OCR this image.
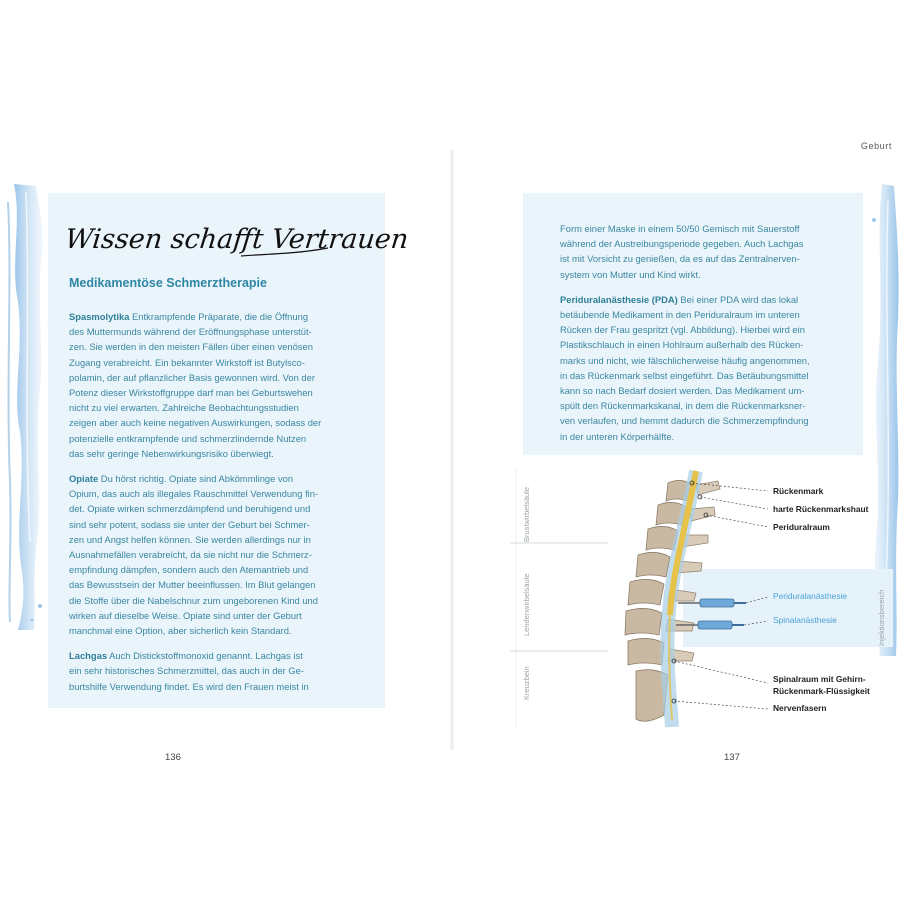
Geburt
Wissen schafft Vertrauen
Medikamentöse Schmerztherapie

Spasmolytika Entkrampfende Präparate, die die Öffnung
des Muttermunds während der Eröffnungsphase unterstüt-
zen. Sie werden in den meisten Fällen über einen venösen
Zugang verabreicht. Ein bekannter Wirkstoff ist Butylsco-
polamin, der auf pflanzlicher Basis gewonnen wird. Von der
Potenz dieser Wirkstoffgruppe darf man bei Geburtswehen
nicht zu viel erwarten. Zahlreiche Beobachtungsstudien
zeigen aber auch keine negativen Auswirkungen, sodass der
potenzielle entkrampfende und schmerzlindernde Nutzen
das sehr geringe Nebenwirkungsrisiko überwiegt.

Opiate Du hörst richtig. Opiate sind Abkömmlinge von
Opium, das auch als illegales Rauschmittel Verwendung fin-
det. Opiate wirken schmerzdämpfend und beruhigend und
sind sehr potent, sodass sie unter der Geburt bei Schmer-
zen und Angst helfen können. Sie werden allerdings nur in
Ausnahmefällen verabreicht, da sie nicht nur die Schmerz-
empfindung dämpfen, sondern auch den Atemantrieb und
das Bewusstsein der Mutter beeinflussen. Im Blut gelangen
die Stoffe über die Nabelschnur zum ungeborenen Kind und
wirken auf dieselbe Weise. Opiate sind unter der Geburt
manchmal eine Option, aber sicherlich kein Standard.

Lachgas Auch Distickstoffmonoxid genannt. Lachgas ist
ein sehr historisches Schmerzmittel, das auch in der Ge-
burtshilfe Verwendung findet. Es wird den Frauen meist in

Form einer Maske in einem 50/50 Gemisch mit Sauerstoff
während der Austreibungsperiode gegeben. Auch Lachgas
ist mit Vorsicht zu genießen, da es auf das Zentralnerven-
system von Mutter und Kind wirkt.

Periduralanästhesie (PDA) Bei einer PDA wird das lokal
betäubende Medikament in den Periduralraum im unteren
Rücken der Frau gespritzt (vgl. Abbildung). Hierbei wird ein
Plastikschlauch in einen Hohlraum außerhalb des Rücken-
marks und nicht, wie fälschlicherweise häufig angenommen,
in das Rückenmark selbst eingeführt. Das Betäubungsmittel
kann so nach Bedarf dosiert werden. Das Medikament um-
spült den Rückenmarkskanal, in dem die Rückenmarksner-
ven verlaufen, und hemmt dadurch die Schmerzempfindung
in der unteren Körperhälfte.

136	137
Brustwirbelsäule
Lendenwirbelsäule
Kreuzbein
Injektionsbereich
Rückenmark
harte Rückenmarkshaut
Periduralraum
Periduralanästhesie
Spinalanästhesie
Spinalraum mit Gehirn-
Rückenmark-Flüssigkeit
Nervenfasern
